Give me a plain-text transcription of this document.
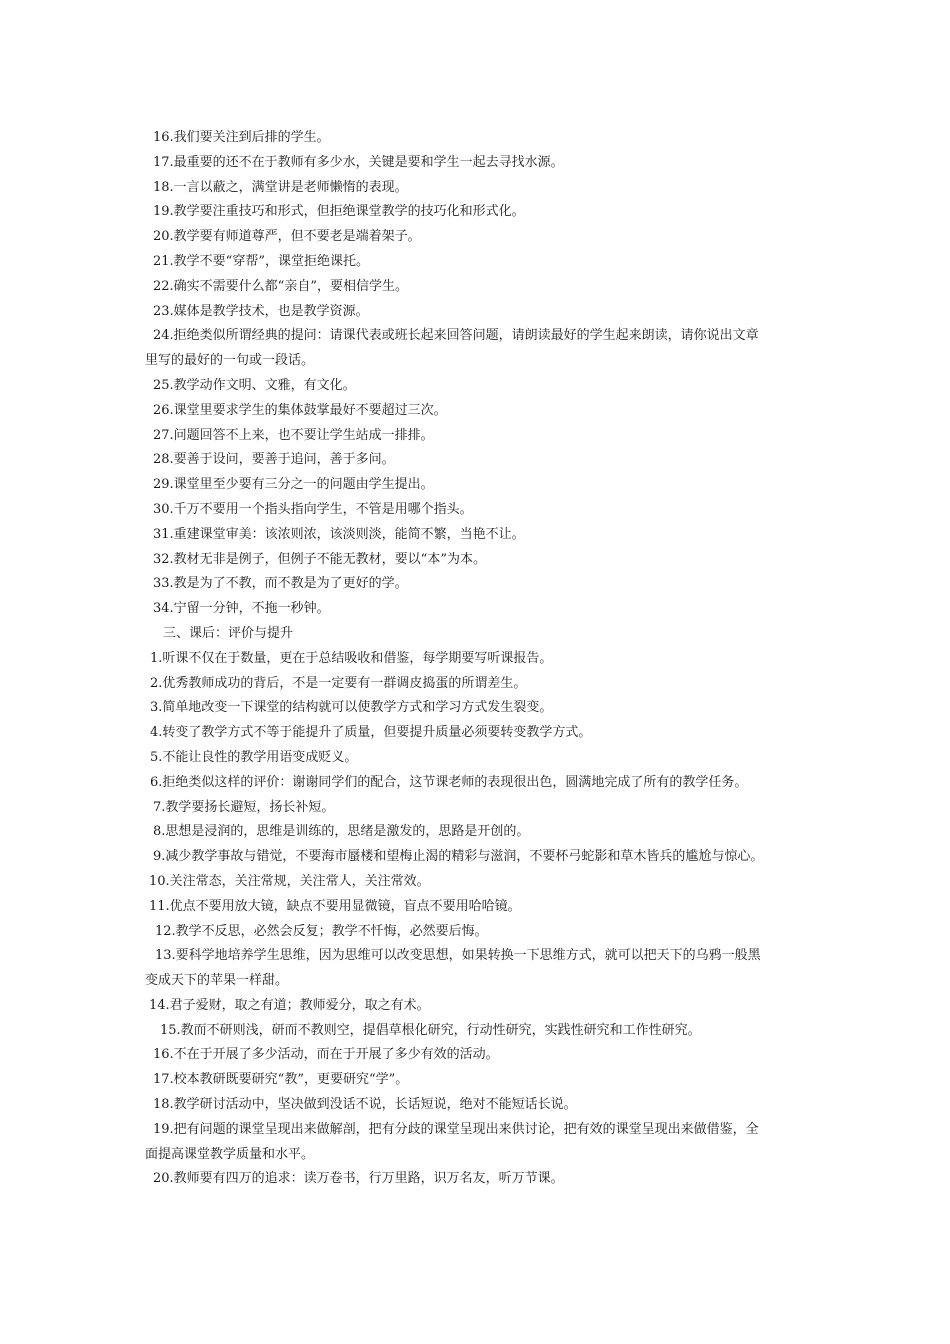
16.我们要关注到后排的学生。
17.最重要的还不在于教师有多少水，关键是要和学生一起去寻找水源。
18.一言以蔽之，满堂讲是老师懒惰的表现。
19.教学要注重技巧和形式，但拒绝课堂教学的技巧化和形式化。
20.教学要有师道尊严，但不要老是端着架子。
21.教学不要“穿帮”，课堂拒绝课托。
22.确实不需要什么都“亲自”，要相信学生。
23.媒体是教学技术，也是教学资源。
24.拒绝类似所谓经典的提问：请课代表或班长起来回答问题，请朗读最好的学生起来朗读，请你说出文章
里写的最好的一句或一段话。
25.教学动作文明、文雅，有文化。
26.课堂里要求学生的集体鼓掌最好不要超过三次。
27.问题回答不上来，也不要让学生站成一排排。
28.要善于设问，要善于追问，善于多问。
29.课堂里至少要有三分之一的问题由学生提出。
30.千万不要用一个指头指向学生，不管是用哪个指头。
31.重建课堂审美：该浓则浓，该淡则淡，能简不繁，当艳不让。
32.教材无非是例子，但例子不能无教材，要以“本”为本。
33.教是为了不教，而不教是为了更好的学。
34.宁留一分钟，不拖一秒钟。
三、课后：评价与提升
1.听课不仅在于数量，更在于总结吸收和借鉴，每学期要写听课报告。
2.优秀教师成功的背后，不是一定要有一群调皮捣蛋的所谓差生。
3.简单地改变一下课堂的结构就可以使教学方式和学习方式发生裂变。
4.转变了教学方式不等于能提升了质量，但要提升质量必须要转变教学方式。
5.不能让良性的教学用语变成贬义。
6.拒绝类似这样的评价：谢谢同学们的配合，这节课老师的表现很出色，圆满地完成了所有的教学任务。
7.教学要扬长避短，扬长补短。
8.思想是浸润的，思维是训练的，思绪是激发的，思路是开创的。
9.减少教学事故与错觉，不要海市蜃楼和望梅止渴的精彩与滋润，不要杯弓蛇影和草木皆兵的尴尬与惊心。
10.关注常态，关注常规，关注常人，关注常效。
11.优点不要用放大镜，缺点不要用显微镜，盲点不要用哈哈镜。
12.教学不反思，必然会反复；教学不忏悔，必然要后悔。
13.要科学地培养学生思维，因为思维可以改变思想，如果转换一下思维方式，就可以把天下的乌鸦一般黑
变成天下的苹果一样甜。
14.君子爱财，取之有道；教师爱分，取之有术。
15.教而不研则浅，研而不教则空，提倡草根化研究，行动性研究，实践性研究和工作性研究。
16.不在于开展了多少活动，而在于开展了多少有效的活动。
17.校本教研既要研究“教”，更要研究“学”。
18.教学研讨活动中，坚决做到没话不说，长话短说，绝对不能短话长说。
19.把有问题的课堂呈现出来做解剖，把有分歧的课堂呈现出来供讨论，把有效的课堂呈现出来做借鉴，全
面提高课堂教学质量和水平。
20.教师要有四万的追求：读万卷书，行万里路，识万名友，听万节课。
